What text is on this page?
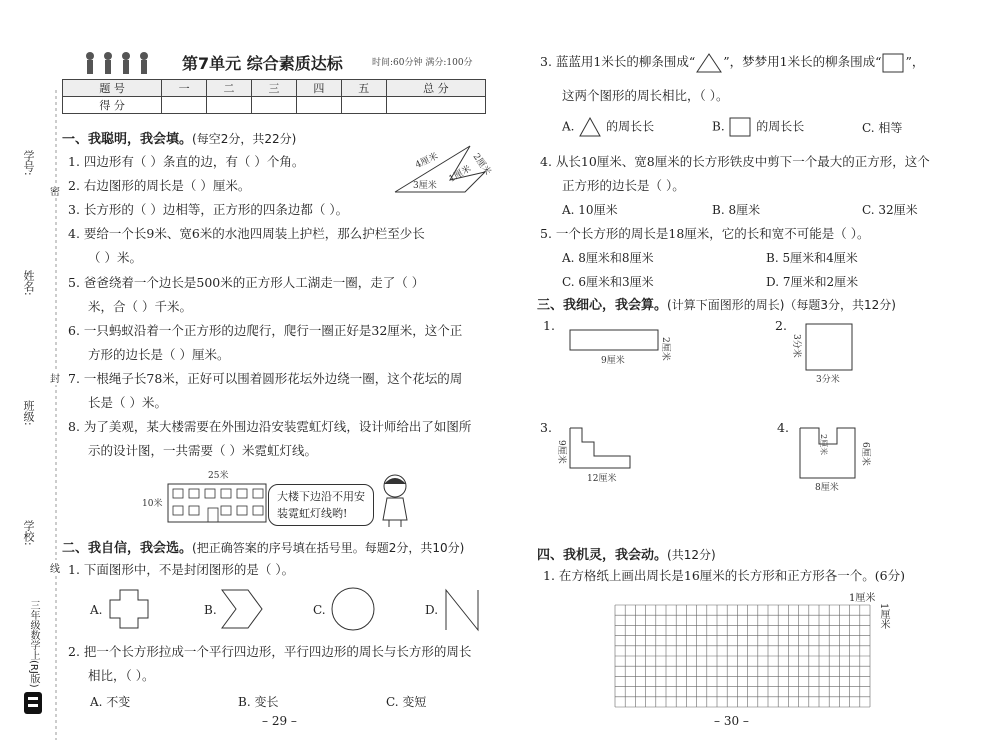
学号:
姓名:
班级:
学校:
密
封
线
三年级数学上(RJ版)
第7单元 综合素质达标	时间:60分钟 满分:100分
题 号	一	二	三	四	五	总 分
得 分						
一、我聪明，我会填。(每空2分，共22分)
1. 四边形有（ ）条直的边，有（ ）个角。
2. 右边图形的周长是（ ）厘米。
4厘米	2厘米
3厘米
1厘米
3. 长方形的（ ）边相等，正方形的四条边都（ ）。
4. 要给一个长9米、宽6米的水池四周装上护栏，那么护栏至少长
（ ）米。
5. 爸爸绕着一个边长是500米的正方形人工湖走一圈，走了（ ）
米，合（ ）千米。
6. 一只蚂蚁沿着一个正方形的边爬行，爬行一圈正好是32厘米，这个正
方形的边长是（ ）厘米。
7. 一根绳子长78米，正好可以围着圆形花坛外边绕一圈，这个花坛的周
长是（ ）米。
8. 为了美观，某大楼需要在外围边沿安装霓虹灯线，设计师给出了如图所
示的设计图，一共需要（ ）米霓虹灯线。
25米
10米
大楼下边沿不用安
装霓虹灯线哟!
二、我自信，我会选。(把正确答案的序号填在括号里。每题2分，共10分)
1. 下面图形中，不是封闭图形的是（ ）。
A.	B.	C.	D.
2. 把一个长方形拉成一个平行四边形，平行四边形的周长与长方形的周长
相比，（ ）。
A. 不变	B. 变长	C. 变短
– 29 –
3. 蓝蓝用1米长的柳条围成“ ”，梦梦用1米长的柳条围成“ ”，
这两个图形的周长相比，（ ）。
A.	的周长长	B.	的周长长	C. 相等
4. 从长10厘米、宽8厘米的长方形铁皮中剪下一个最大的正方形，这个
正方形的边长是（ ）。
A. 10厘米	B. 8厘米	C. 32厘米
5. 一个长方形的周长是18厘米，它的长和宽不可能是（ ）。
A. 8厘米和8厘米	B. 5厘米和4厘米
C. 6厘米和3厘米	D. 7厘米和2厘米
三、我细心，我会算。(计算下面图形的周长)（每题3分，共12分)
1.
9厘米
2厘米
2.
3分米
3分米
3.
9厘米
12厘米
4.
2厘米	6厘米
8厘米
四、我机灵，我会动。(共12分)
1. 在方格纸上画出周长是16厘米的长方形和正方形各一个。(6分)
1厘米
1厘米
– 30 –
